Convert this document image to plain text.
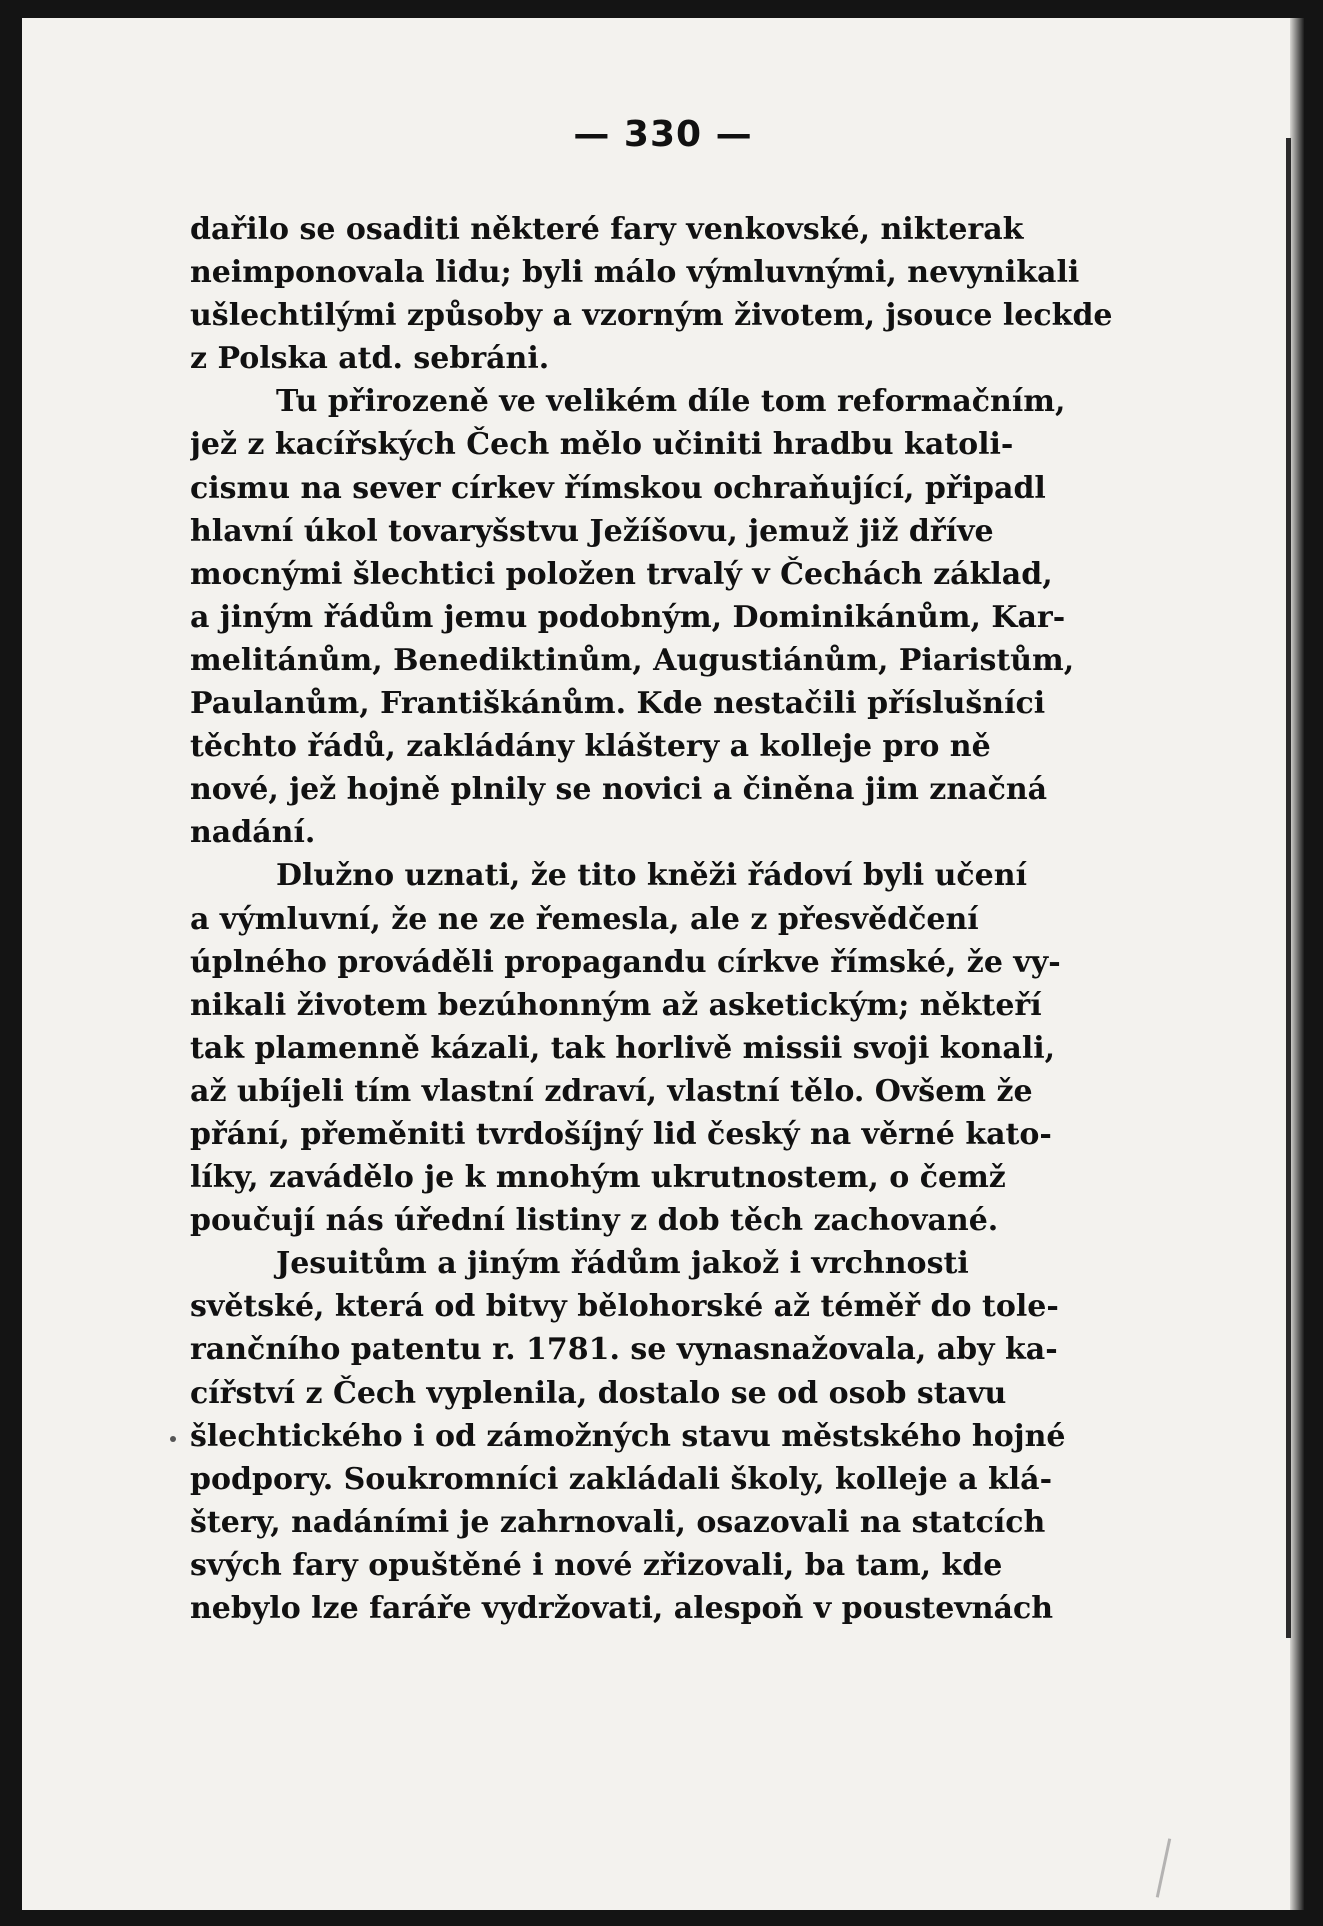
— 330 —
dařilo se osaditi některé fary venkovské, nikterak
neimponovala lidu; byli málo výmluvnými, nevynikali
ušlechtilými způsoby a vzorným životem, jsouce leckde
z Polska atd. sebráni.
Tu přirozeně ve velikém díle tom reformačním,
jež z kacířských Čech mělo učiniti hradbu katoli-
cismu na sever církev římskou ochraňující, připadl
hlavní úkol tovaryšstvu Ježíšovu, jemuž již dříve
mocnými šlechtici položen trvalý v Čechách základ,
a jiným řádům jemu podobným, Dominikánům, Kar-
melitánům, Benediktinům, Augustiánům, Piaristům,
Paulanům, Františkánům. Kde nestačili příslušníci
těchto řádů, zakládány kláštery a kolleje pro ně
nové, jež hojně plnily se novici a činěna jim značná
nadání.
Dlužno uznati, že tito kněži řádoví byli učení
a výmluvní, že ne ze řemesla, ale z přesvědčení
úplného prováděli propagandu církve římské, že vy-
nikali životem bezúhonným až asketickým; někteří
tak plamenně kázali, tak horlivě missii svoji konali,
až ubíjeli tím vlastní zdraví, vlastní tělo. Ovšem že
přání, přeměniti tvrdošíjný lid český na věrné kato-
líky, zavádělo je k mnohým ukrutnostem, o čemž
poučují nás úřední listiny z dob těch zachované.
Jesuitům a jiným řádům jakož i vrchnosti
světské, která od bitvy bělohorské až téměř do tole-
rančního patentu r. 1781. se vynasnažovala, aby ka-
cířství z Čech vyplenila, dostalo se od osob stavu
šlechtického i od zámožných stavu městského hojné
podpory. Soukromníci zakládali školy, kolleje a klá-
štery, nadáními je zahrnovali, osazovali na statcích
svých fary opuštěné i nové zřizovali, ba tam, kde
nebylo lze faráře vydržovati, alespoň v poustevnách
